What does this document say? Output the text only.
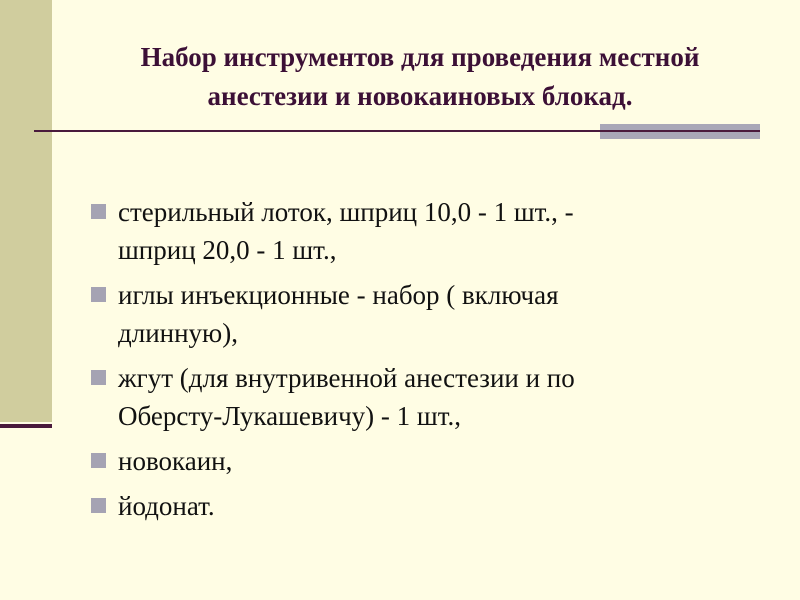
Набор инструментов для проведения местной
анестезии и новокаиновых блокад.
стерильный лоток, шприц 10,0 - 1 шт., -
шприц 20,0 - 1 шт.,
иглы инъекционные - набор ( включая
длинную),
жгут (для внутривенной анестезии и по
Оберсту-Лукашевичу) - 1 шт.,
новокаин,
йодонат.
